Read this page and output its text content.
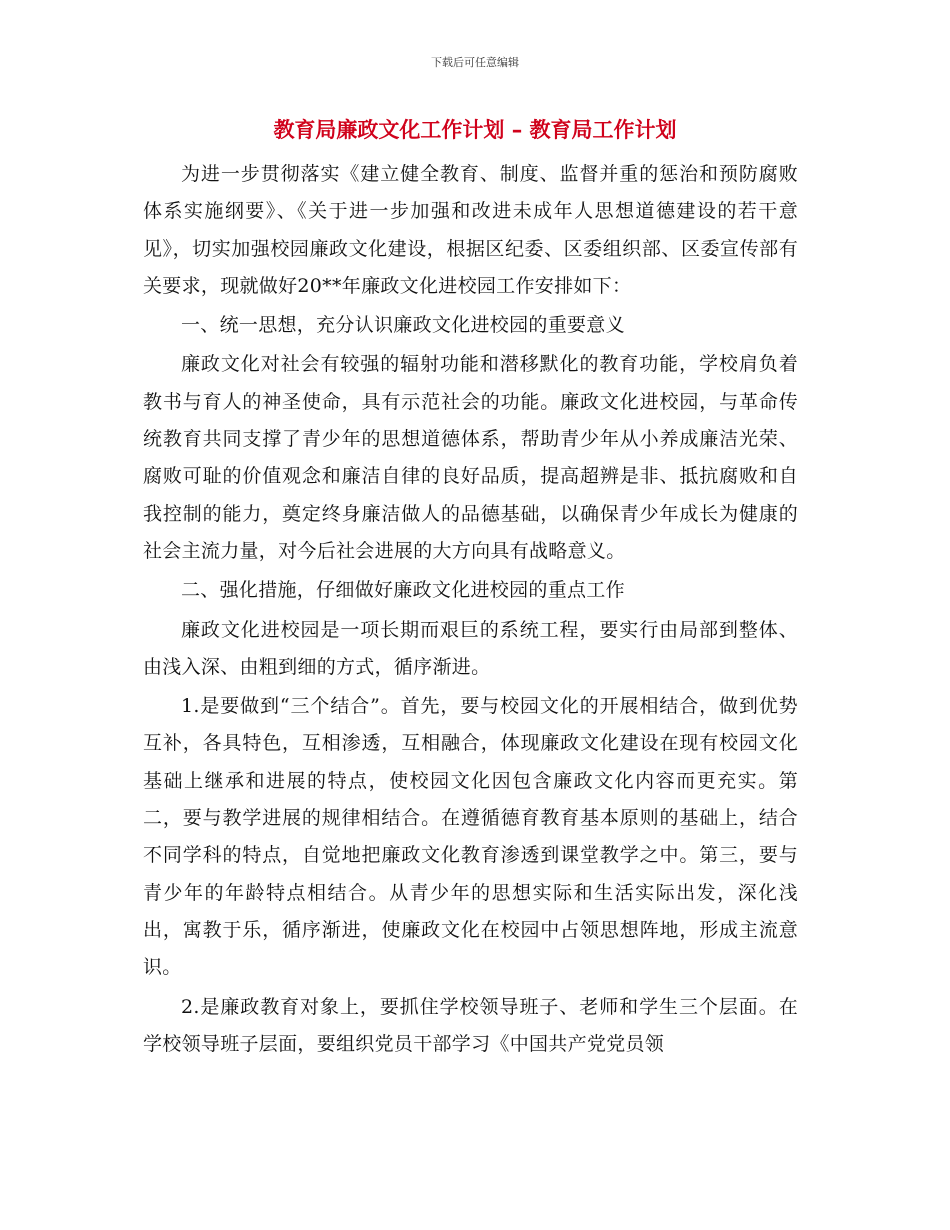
下载后可任意编辑
教育局廉政文化工作计划 – 教育局工作计划

为进一步贯彻落实《建立健全教育、制度、监督并重的惩治和预防腐败体系实施纲要》、《关于进一步加强和改进未成年人思想道德建设的若干意见》，切实加强校园廉政文化建设，根据区纪委、区委组织部、区委宣传部有关要求，现就做好20**年廉政文化进校园工作安排如下：

一、统一思想，充分认识廉政文化进校园的重要意义

廉政文化对社会有较强的辐射功能和潜移默化的教育功能，学校肩负着教书与育人的神圣使命，具有示范社会的功能。廉政文化进校园，与革命传统教育共同支撑了青少年的思想道德体系，帮助青少年从小养成廉洁光荣、腐败可耻的价值观念和廉洁自律的良好品质，提高超辨是非、抵抗腐败和自我控制的能力，奠定终身廉洁做人的品德基础，以确保青少年成长为健康的社会主流力量，对今后社会进展的大方向具有战略意义。

二、强化措施，仔细做好廉政文化进校园的重点工作

廉政文化进校园是一项长期而艰巨的系统工程，要实行由局部到整体、由浅入深、由粗到细的方式，循序渐进。

1.是要做到“三个结合”。首先，要与校园文化的开展相结合，做到优势互补，各具特色，互相渗透，互相融合，体现廉政文化建设在现有校园文化基础上继承和进展的特点，使校园文化因包含廉政文化内容而更充实。第二，要与教学进展的规律相结合。在遵循德育教育基本原则的基础上，结合不同学科的特点，自觉地把廉政文化教育渗透到课堂教学之中。第三，要与青少年的年龄特点相结合。从青少年的思想实际和生活实际出发，深化浅出，寓教于乐，循序渐进，使廉政文化在校园中占领思想阵地，形成主流意识。

2.是廉政教育对象上，要抓住学校领导班子、老师和学生三个层面。在学校领导班子层面，要组织党员干部学习《中国共产党党员领
